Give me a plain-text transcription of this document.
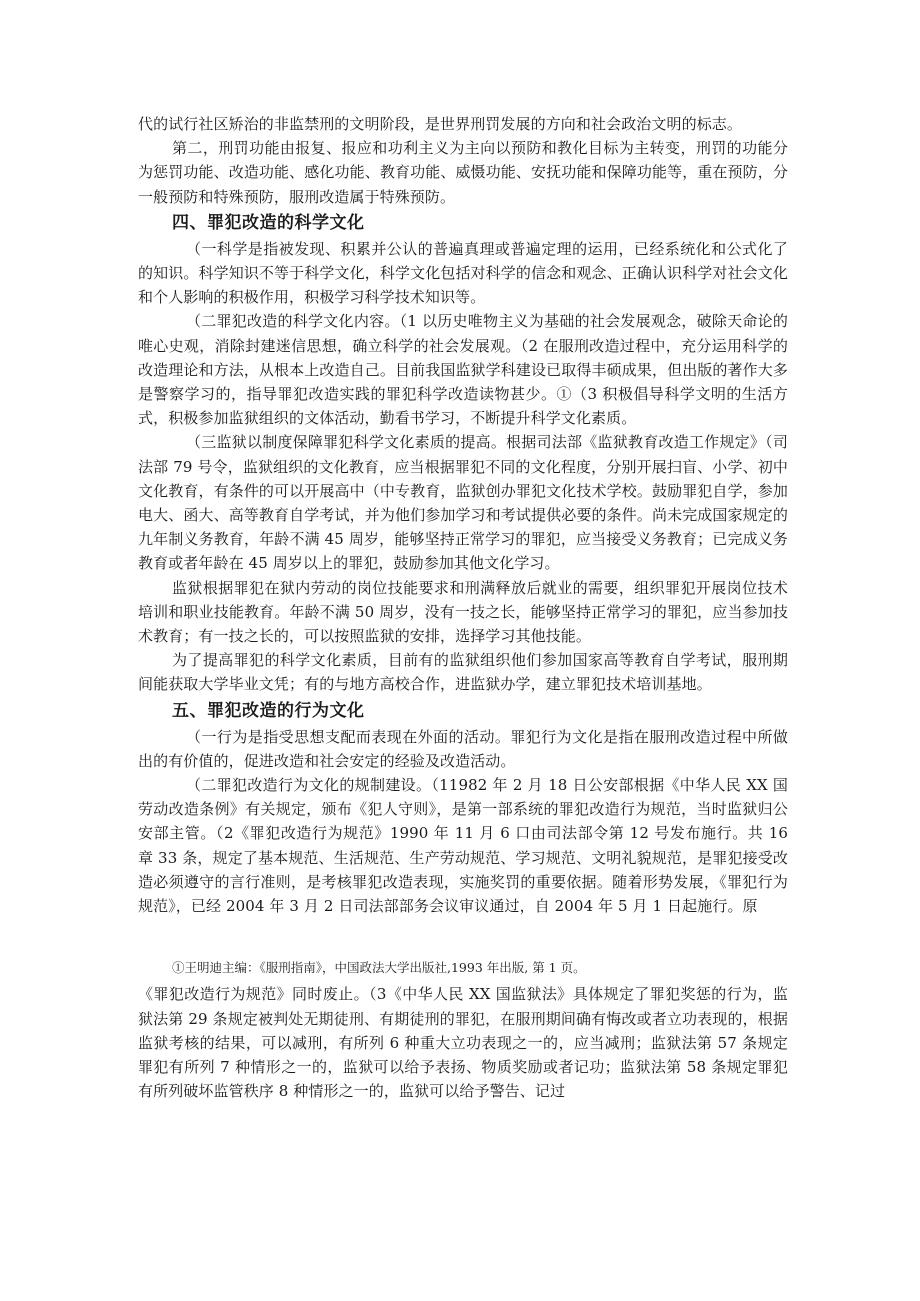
代的试行社区矫治的非监禁刑的文明阶段，是世界刑罚发展的方向和社会政治文明的标志。

第二，刑罚功能由报复、报应和功利主义为主向以预防和教化目标为主转变，刑罚的功能分为惩罚功能、改造功能、感化功能、教育功能、威慑功能、安抚功能和保障功能等，重在预防，分一般预防和特殊预防，服刑改造属于特殊预防。

四、罪犯改造的科学文化

（一科学是指被发现、积累并公认的普遍真理或普遍定理的运用，已经系统化和公式化了的知识。科学知识不等于科学文化，科学文化包括对科学的信念和观念、正确认识科学对社会文化和个人影响的积极作用，积极学习科学技术知识等。

（二罪犯改造的科学文化内容。（1 以历史唯物主义为基础的社会发展观念，破除天命论的唯心史观，消除封建迷信思想，确立科学的社会发展观。（2 在服刑改造过程中，充分运用科学的改造理论和方法，从根本上改造自己。目前我国监狱学科建设已取得丰硕成果，但出版的著作大多是警察学习的，指导罪犯改造实践的罪犯科学改造读物甚少。①（3 积极倡导科学文明的生活方式，积极参加监狱组织的文体活动，勤看书学习，不断提升科学文化素质。

（三监狱以制度保障罪犯科学文化素质的提高。根据司法部《监狱教育改造工作规定》（司法部 79 号令，监狱组织的文化教育，应当根据罪犯不同的文化程度，分别开展扫盲、小学、初中文化教育，有条件的可以开展高中（中专教育，监狱创办罪犯文化技术学校。鼓励罪犯自学，参加电大、函大、高等教育自学考试，并为他们参加学习和考试提供必要的条件。尚未完成国家规定的九年制义务教育，年龄不满 45 周岁，能够坚持正常学习的罪犯，应当接受义务教育；已完成义务教育或者年龄在 45 周岁以上的罪犯，鼓励参加其他文化学习。

监狱根据罪犯在狱内劳动的岗位技能要求和刑满释放后就业的需要，组织罪犯开展岗位技术培训和职业技能教育。年龄不满 50 周岁，没有一技之长，能够坚持正常学习的罪犯，应当参加技术教育；有一技之长的，可以按照监狱的安排，选择学习其他技能。

为了提高罪犯的科学文化素质，目前有的监狱组织他们参加国家高等教育自学考试，服刑期间能获取大学毕业文凭；有的与地方高校合作，进监狱办学，建立罪犯技术培训基地。

五、罪犯改造的行为文化

（一行为是指受思想支配而表现在外面的活动。罪犯行为文化是指在服刑改造过程中所做出的有价值的，促进改造和社会安定的经验及改造活动。

（二罪犯改造行为文化的规制建设。（11982 年 2 月 18 日公安部根据《中华人民 XX 国劳动改造条例》有关规定，颁布《犯人守则》，是第一部系统的罪犯改造行为规范，当时监狱归公安部主管。（2《罪犯改造行为规范》1990 年 11 月 6 口由司法部令第 12 号发布施行。共 16 章 33 条，规定了基本规范、生活规范、生产劳动规范、学习规范、文明礼貌规范，是罪犯接受改造必须遵守的言行准则，是考核罪犯改造表现，实施奖罚的重要依据。随着形势发展，《罪犯行为规范》，已经 2004 年 3 月 2 日司法部部务会议审议通过，自 2004 年 5 月 1 日起施行。原

①王明迪主编：《服刑指南》，中国政法大学出版社,1993 年出版, 第 1 页。

《罪犯改造行为规范》同时废止。（3《中华人民 XX 国监狱法》具体规定了罪犯奖惩的行为，监狱法第 29 条规定被判处无期徒刑、有期徒刑的罪犯，在服刑期间确有悔改或者立功表现的，根据监狱考核的结果，可以减刑，有所列 6 种重大立功表现之一的，应当减刑；监狱法第 57 条规定罪犯有所列 7 种情形之一的，监狱可以给予表扬、物质奖励或者记功；监狱法第 58 条规定罪犯有所列破坏监管秩序 8 种情形之一的，监狱可以给予警告、记过
